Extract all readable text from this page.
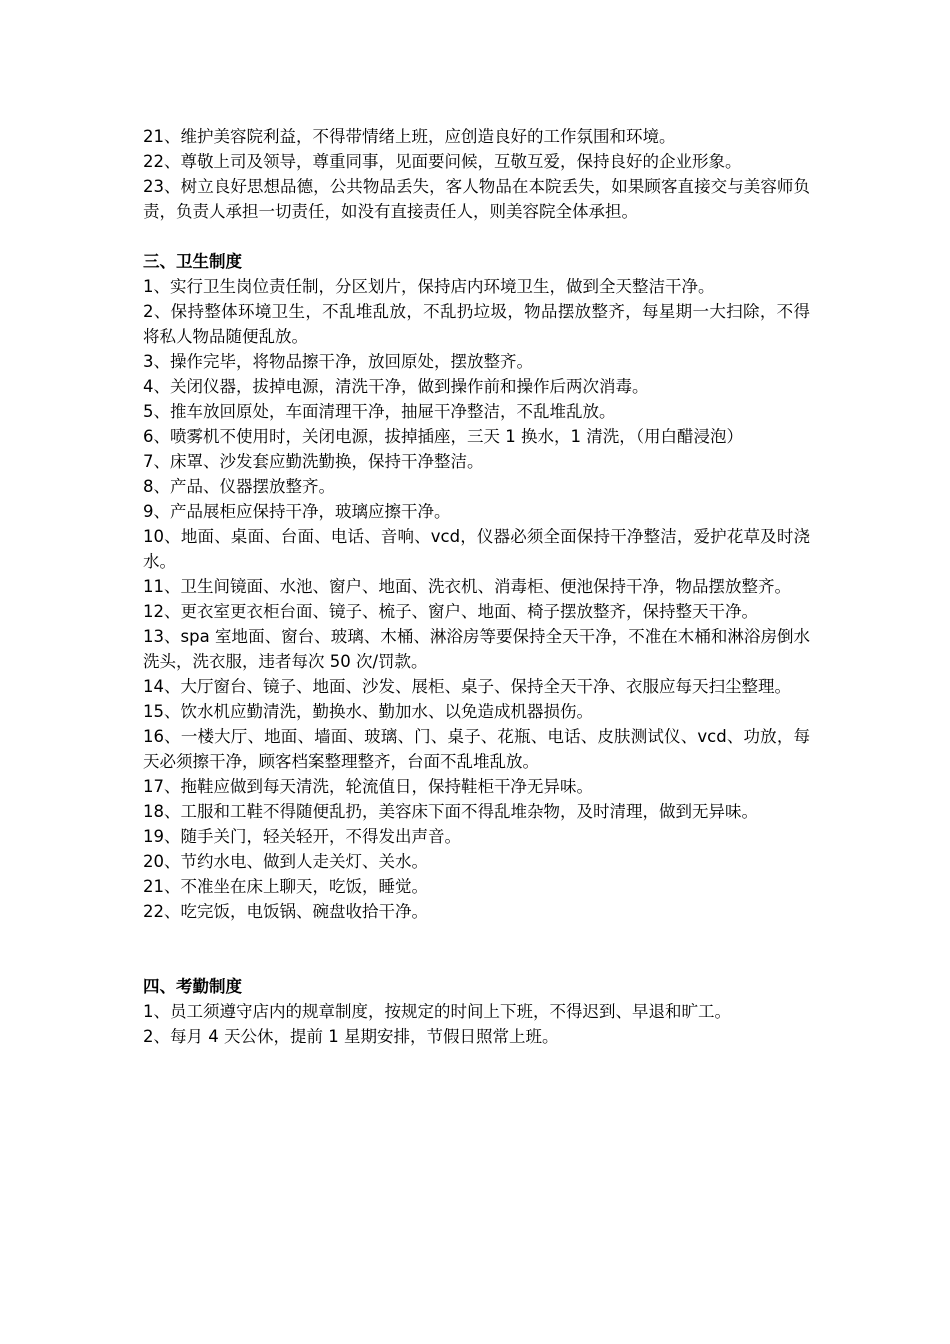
21、维护美容院利益，不得带情绪上班，应创造良好的工作氛围和环境。

22、尊敬上司及领导，尊重同事，见面要问候，互敬互爱，保持良好的企业形象。

23、树立良好思想品德，公共物品丢失，客人物品在本院丢失，如果顾客直接交与美容师负责，负责人承担一切责任，如没有直接责任人，则美容院全体承担。

三、卫生制度

1、实行卫生岗位责任制，分区划片，保持店内环境卫生，做到全天整洁干净。

2、保持整体环境卫生，不乱堆乱放，不乱扔垃圾，物品摆放整齐，每星期一大扫除，不得将私人物品随便乱放。

3、操作完毕，将物品擦干净，放回原处，摆放整齐。

4、关闭仪器，拔掉电源，清洗干净，做到操作前和操作后两次消毒。

5、推车放回原处，车面清理干净，抽屉干净整洁，不乱堆乱放。

6、喷雾机不使用时，关闭电源，拔掉插座，三天 1 换水，1 清洗，（用白醋浸泡）

7、床罩、沙发套应勤洗勤换，保持干净整洁。

8、产品、仪器摆放整齐。

9、产品展柜应保持干净，玻璃应擦干净。

10、地面、桌面、台面、电话、音响、vcd，仪器必须全面保持干净整洁，爱护花草及时浇水。

11、卫生间镜面、水池、窗户、地面、洗衣机、消毒柜、便池保持干净，物品摆放整齐。

12、更衣室更衣柜台面、镜子、梳子、窗户、地面、椅子摆放整齐，保持整天干净。

13、spa 室地面、窗台、玻璃、木桶、淋浴房等要保持全天干净，不准在木桶和淋浴房倒水洗头，洗衣服，违者每次 50 次/罚款。

14、大厅窗台、镜子、地面、沙发、展柜、桌子、保持全天干净、衣服应每天扫尘整理。

15、饮水机应勤清洗，勤换水、勤加水、以免造成机器损伤。

16、一楼大厅、地面、墙面、玻璃、门、桌子、花瓶、电话、皮肤测试仪、vcd、功放，每天必须擦干净，顾客档案整理整齐，台面不乱堆乱放。

17、拖鞋应做到每天清洗，轮流值日，保持鞋柜干净无异味。

18、工服和工鞋不得随便乱扔，美容床下面不得乱堆杂物，及时清理，做到无异味。

19、随手关门，轻关轻开，不得发出声音。

20、节约水电、做到人走关灯、关水。

21、不准坐在床上聊天，吃饭，睡觉。

22、吃完饭，电饭锅、碗盘收拾干净。

四、考勤制度

1、员工须遵守店内的规章制度，按规定的时间上下班，不得迟到、早退和旷工。

2、每月 4 天公休，提前 1 星期安排，节假日照常上班。
